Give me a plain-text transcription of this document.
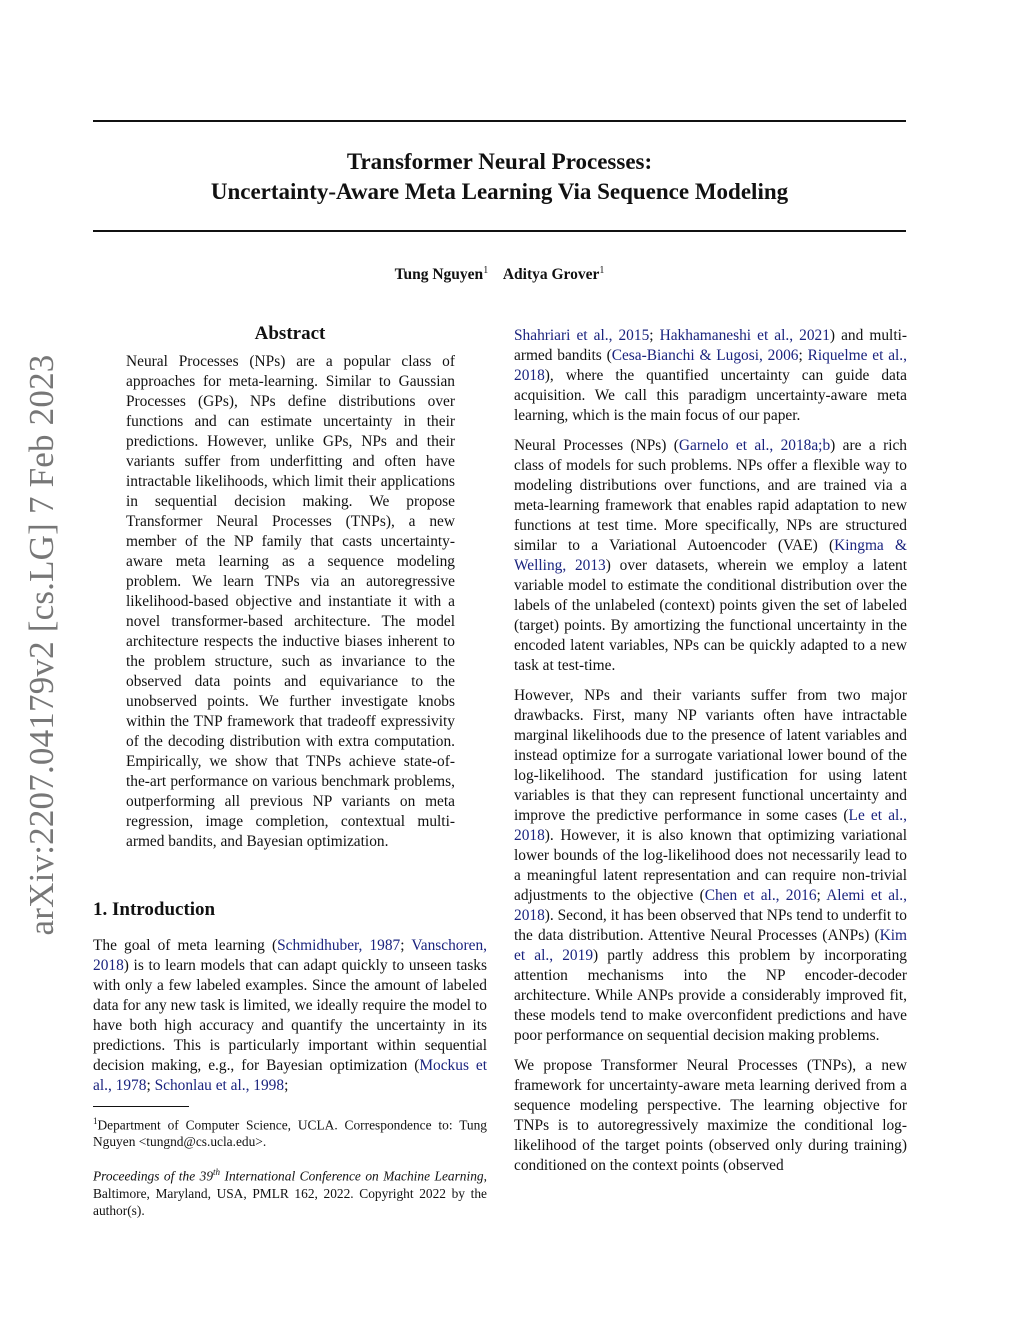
arXiv:2207.04179v2 [cs.LG] 7 Feb 2023
Transformer Neural Processes:
Uncertainty-Aware Meta Learning Via Sequence Modeling
Tung Nguyen$^1$ Aditya Grover$^1$
Abstract

Neural Processes (NPs) are a popular class of approaches for meta-learning. Similar to Gaussian Processes (GPs), NPs define distributions over functions and can estimate uncertainty in their predictions. However, unlike GPs, NPs and their variants suffer from underfitting and often have intractable likelihoods, which limit their applications in sequential decision making. We propose Transformer Neural Processes (TNPs), a new member of the NP family that casts uncertainty-aware meta learning as a sequence modeling problem. We learn TNPs via an autoregressive likelihood-based objective and instantiate it with a novel transformer-based architecture. The model architecture respects the inductive biases inherent to the problem structure, such as invariance to the observed data points and equivariance to the unobserved points. We further investigate knobs within the TNP framework that tradeoff expressivity of the decoding distribution with extra computation. Empirically, we show that TNPs achieve state-of-the-art performance on various benchmark problems, outperforming all previous NP variants on meta regression, image completion, contextual multi-armed bandits, and Bayesian optimization.

1. Introduction

The goal of meta learning (Schmidhuber, 1987; Vanschoren, 2018) is to learn models that can adapt quickly to unseen tasks with only a few labeled examples. Since the amount of labeled data for any new task is limited, we ideally require the model to have both high accuracy and quantify the uncertainty in its predictions. This is particularly important within sequential decision making, e.g., for Bayesian optimization (Mockus et al., 1978; Schonlau et al., 1998;

$^1$Department of Computer Science, UCLA. Correspondence to: Tung Nguyen <tungnd@cs.ucla.edu>.

Proceedings of the 39th International Conference on Machine Learning, Baltimore, Maryland, USA, PMLR 162, 2022. Copyright 2022 by the author(s).

Shahriari et al., 2015; Hakhamaneshi et al., 2021) and multi-armed bandits (Cesa-Bianchi & Lugosi, 2006; Riquelme et al., 2018), where the quantified uncertainty can guide data acquisition. We call this paradigm uncertainty-aware meta learning, which is the main focus of our paper.

Neural Processes (NPs) (Garnelo et al., 2018a;b) are a rich class of models for such problems. NPs offer a flexible way to modeling distributions over functions, and are trained via a meta-learning framework that enables rapid adaptation to new functions at test time. More specifically, NPs are structured similar to a Variational Autoencoder (VAE) (Kingma & Welling, 2013) over datasets, wherein we employ a latent variable model to estimate the conditional distribution over the labels of the unlabeled (context) points given the set of labeled (target) points. By amortizing the functional uncertainty in the encoded latent variables, NPs can be quickly adapted to a new task at test-time.

However, NPs and their variants suffer from two major drawbacks. First, many NP variants often have intractable marginal likelihoods due to the presence of latent variables and instead optimize for a surrogate variational lower bound of the log-likelihood. The standard justification for using latent variables is that they can represent functional uncertainty and improve the predictive performance in some cases (Le et al., 2018). However, it is also known that optimizing variational lower bounds of the log-likelihood does not necessarily lead to a meaningful latent representation and can require non-trivial adjustments to the objective (Chen et al., 2016; Alemi et al., 2018). Second, it has been observed that NPs tend to underfit to the data distribution. Attentive Neural Processes (ANPs) (Kim et al., 2019) partly address this problem by incorporating attention mechanisms into the NP encoder-decoder architecture. While ANPs provide a considerably improved fit, these models tend to make overconfident predictions and have poor performance on sequential decision making problems.

We propose Transformer Neural Processes (TNPs), a new framework for uncertainty-aware meta learning derived from a sequence modeling perspective. The learning objective for TNPs is to autoregressively maximize the conditional log-likelihood of the target points (observed only during training) conditioned on the context points (observed
